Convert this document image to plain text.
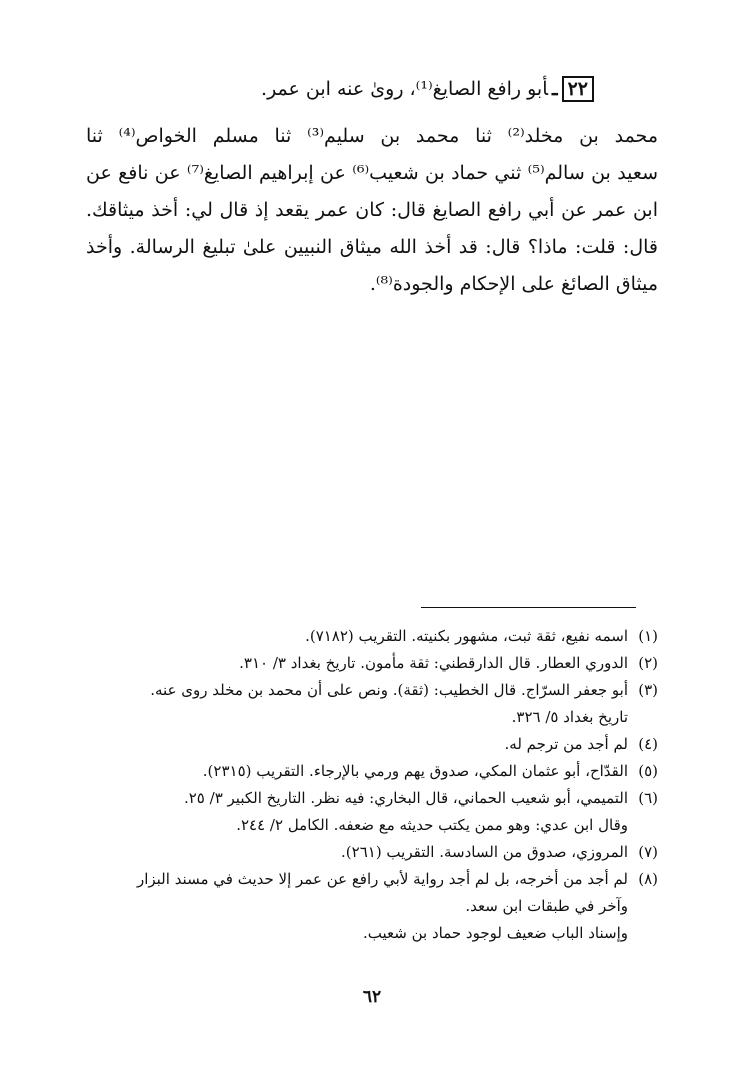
٢٢ـأبو رافع الصايغ⁽¹⁾، روىٰ عنه ابن عمر.
محمد بن مخلد⁽²⁾ ثنا محمد بن سليم⁽³⁾ ثنا مسلم الخواص⁽⁴⁾ ثنا
سعيد بن سالم⁽⁵⁾ ثني حماد بن شعيب⁽⁶⁾ عن إبراهيم الصايغ⁽⁷⁾ عن نافع عن
ابن عمر عن أبي رافع الصايغ قال: كان عمر يقعد إذ قال لي: أخذ ميثاقك.
قال: قلت: ماذا؟ قال: قد أخذ الله ميثاق النبيين علىٰ تبليغ الرسالة. وأخذ
ميثاق الصائغ على الإحكام والجودة⁽⁸⁾.
(١)اسمه نفيع، ثقة ثبت، مشهور بكنيته. التقريب (٧١٨٢).
(٢)الدوري العطار. قال الدارقطني: ثقة مأمون. تاريخ بغداد ٣/ ٣١٠.
(٣)أبو جعفر السرّاج. قال الخطيب: (ثقة). ونص على أن محمد بن مخلد روى عنه.
تاريخ بغداد ٥/ ٣٢٦.
(٤)لم أجد من ترجم له.
(٥)القدّاح، أبو عثمان المكي، صدوق يهم ورمي بالإرجاء. التقريب (٢٣١٥).
(٦)التميمي، أبو شعيب الحماني، قال البخاري: فيه نظر. التاريخ الكبير ٣/ ٢٥.
وقال ابن عدي: وهو ممن يكتب حديثه مع ضعفه. الكامل ٢/ ٢٤٤.
(٧)المروزي، صدوق من السادسة. التقريب (٢٦١).
(٨)لم أجد من أخرجه، بل لم أجد رواية لأبي رافع عن عمر إلا حديث في مسند البزار
وآخر في طبقات ابن سعد.
وإسناد الباب ضعيف لوجود حماد بن شعيب.
٦٢
